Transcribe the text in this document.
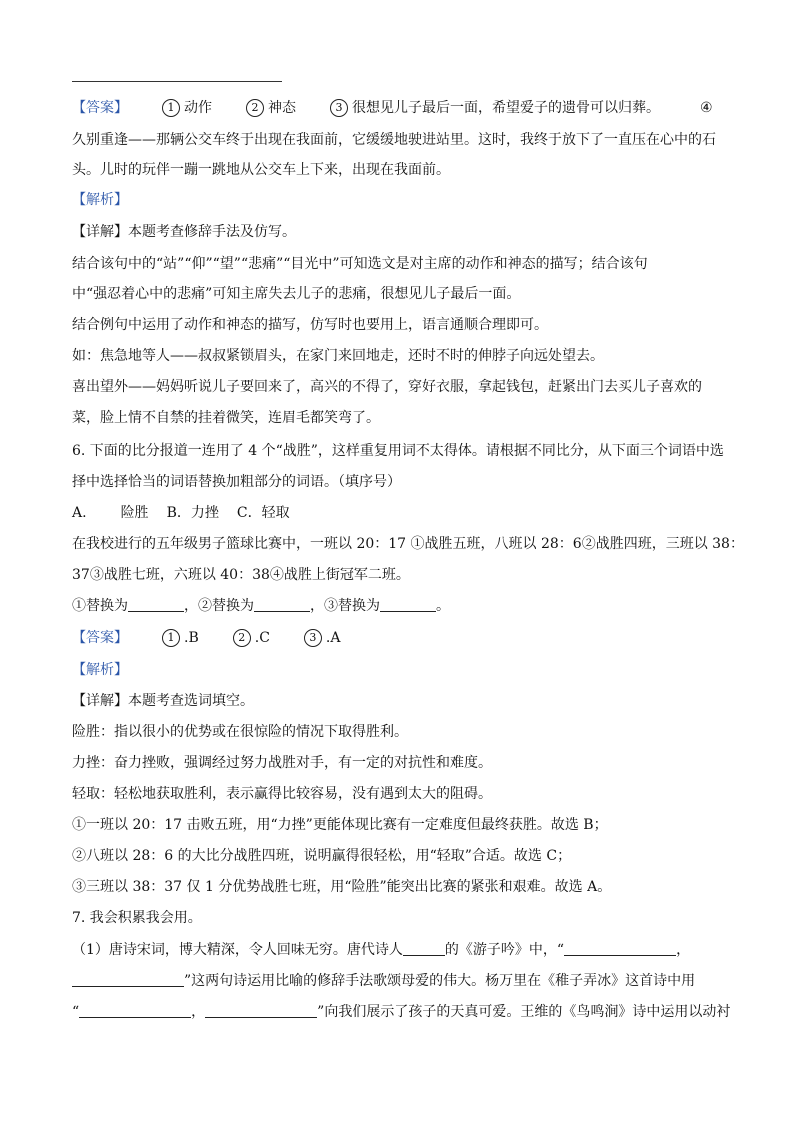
【答案】	1 动作	2 神态	3 很想见儿子最后一面，希望爱子的遗骨可以归葬。	④
久别重逢——那辆公交车终于出现在我面前，它缓缓地驶进站里。这时，我终于放下了一直压在心中的石
头。儿时的玩伴一蹦一跳地从公交车上下来，出现在我面前。
【解析】
【详解】本题考查修辞手法及仿写。
结合该句中的“站”“仰”“望”“悲痛”“目光中”可知选文是对主席的动作和神态的描写；结合该句
中“强忍着心中的悲痛”可知主席失去儿子的悲痛，很想见儿子最后一面。
结合例句中运用了动作和神态的描写，仿写时也要用上，语言通顺合理即可。
如：焦急地等人——叔叔紧锁眉头，在家门来回地走，还时不时的伸脖子向远处望去。
喜出望外——妈妈听说儿子要回来了，高兴的不得了，穿好衣服，拿起钱包，赶紧出门去买儿子喜欢的
菜，脸上情不自禁的挂着微笑，连眉毛都笑弯了。
6. 下面的比分报道一连用了 4 个“战胜”，这样重复用词不太得体。请根据不同比分，从下面三个词语中选
择中选择恰当的词语替换加粗部分的词语。（填序号）
A. 险胜 B．力挫 C．轻取
在我校进行的五年级男子篮球比赛中，一班以 20：17 ①战胜五班，八班以 28：6②战胜四班，三班以 38：
37③战胜七班，六班以 40：38④战胜上街冠军二班。
①替换为	，②替换为	，③替换为	。
【答案】	1 .B	2 .C	3 .A
【解析】
【详解】本题考查选词填空。
险胜：指以很小的优势或在很惊险的情况下取得胜利。
力挫：奋力挫败，强调经过努力战胜对手，有一定的对抗性和难度。
轻取：轻松地获取胜利，表示赢得比较容易，没有遇到太大的阻碍。
①一班以 20：17 击败五班，用“力挫”更能体现比赛有一定难度但最终获胜。故选 B；
②八班以 28：6 的大比分战胜四班，说明赢得很轻松，用“轻取”合适。故选 C；
③三班以 38：37 仅 1 分优势战胜七班，用“险胜”能突出比赛的紧张和艰难。故选 A。
7. 我会积累我会用。
（1）唐诗宋词，博大精深，令人回味无穷。唐代诗人	的《游子吟》中，“	，
”这两句诗运用比喻的修辞手法歌颂母爱的伟大。杨万里在《稚子弄冰》这首诗中用
“	，	”向我们展示了孩子的天真可爱。王维的《鸟鸣涧》诗中运用以动衬
